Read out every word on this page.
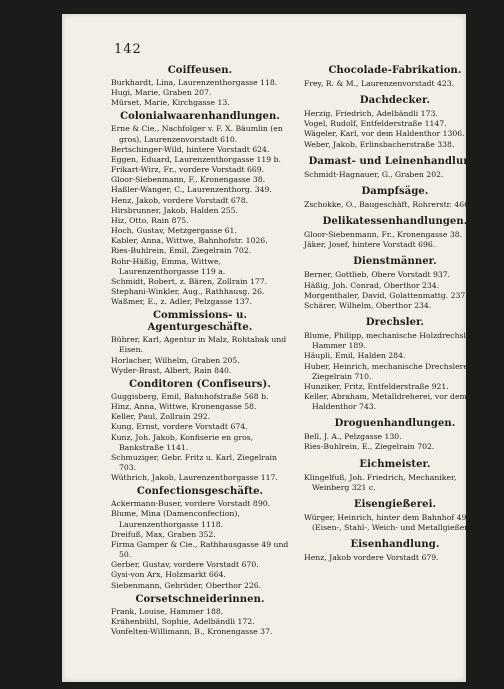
142
Coiffeusen.
Burkhardt, Lina, Laurenzenthorgasse 118.
Hugi, Marie, Graben 207.
Mürset, Marie, Kirchgasse 13.
Colonialwaarenhandlungen.
Erne & Cie., Nachfolger v. F. X. Bäumlin (en gros), Laurenzenvorstadt 610.
Bertschinger-Wild, hintere Vorstadt 624.
Eggen, Eduard, Laurenzenthorgasse 119 b.
Frikart-Wirz, Fr., vordere Vorstadt 669.
Gloor-Siebenmann, F., Kronengasse 38.
Haßler-Wanger, C., Laurenzenthorg. 349.
Henz, Jakob, vordere Vorstadt 678.
Hirsbrunner, Jakob, Halden 255.
Hiz, Otto, Rain 875.
Hoch, Gustav, Metzgergasse 61.
Kabler, Anna, Wittwe, Bahnhofstr. 1026.
Ries-Buhlrein, Emil, Ziegelrain 702.
Rohr-Häßig, Emma, Wittwe, Laurenzenthorgasse 119 a.
Schmidt, Robert, z. Bären, Zollrain 177.
Stephani-Winkler, Aug., Rathhausg. 26.
Waßmer, E., z. Adler, Pelzgasse 137.
Commissions- u. Agenturgeschäfte.
Bührer, Karl, Agentur in Malz, Rohtabak und Eisen.
Horlacher, Wilhelm, Graben 205.
Wyder-Brast, Albert, Rain 840.
Conditoren (Confiseurs).
Guggisberg, Emil, Bahnhofstraße 568 b.
Hinz, Anna, Wittwe, Kronengasse 58.
Keller, Paul, Zollrain 292.
Kung, Ernst, vordere Vorstadt 674.
Kunz, Joh. Jakob, Konfiserie en gros, Bankstraße 1141.
Schmuziger, Gebr. Fritz u. Karl, Ziegelrain 703.
Wüthrich, Jakob, Laurenzenthorgasse 117.
Confectionsgeschäfte.
Ackermann-Buser, vordere Vorstadt 890.
Blume, Mina (Damenconfection), Laurenzenthorgasse 1118.
Dreifuß, Max, Graben 352.
Firma Gamper & Cie., Rathhausgasse 49 und 50.
Gerber, Gustav, vordere Vorstadt 670.
Gysi-von Arx, Holzmarkt 664.
Siebenmann, Gebrüder, Oberthor 226.
Corsetschneiderinnen.
Frank, Louise, Hammer 188.
Krähenbühl, Sophie, Adelbändli 172.
Vonfelten-Willimann, B., Kronengasse 37.
Chocolade-Fabrikation.
Frey, R. & M., Laurenzenvorstadt 423.
Dachdecker.
Herzig, Friedrich, Adelbändli 173.
Vogel, Rudolf, Entfelderstraße 1147.
Wägeler, Karl, vor dem Haldenthor 1306.
Weber, Jakob, Erlinsbacherstraße 338.
Damast- und Leinenhandlung.
Schmidt-Hagnauer, G., Graben 202.
Dampfsäge.
Zschokke, O., Baugeschäft, Rohrerstr. 466.
Delikatessenhandlungen.
Gloor-Siebenmann, Fr., Kronengasse 38.
Jäker, Josef, hintere Vorstadt 696.
Dienstmänner.
Berner, Gottlieb, Obere Vorstadt 937.
Häßig, Joh. Conrad, Oberthor 234.
Morgenthaler, David, Golattenmattg. 237.
Schärer, Wilhelm, Oberthor 234.
Drechsler.
Blume, Philipp, mechanische Holzdrechslerei, Hammer 189.
Häupli, Emil, Halden 284.
Huber, Heinrich, mechanische Drechslerei, Ziegelrain 710.
Hunziker, Fritz, Entfelderstraße 921.
Keller, Abraham, Metalldreherei, vor dem Haldenthor 743.
Droguenhandlungen.
Bell, J. A., Pelzgasse 130.
Ries-Buhlrein, E., Ziegelrain 702.
Eichmeister.
Klingelfuß, Joh. Friedrich, Mechaniker, Weinberg 321 c.
Eisengießerei.
Würger, Heinrich, hinter dem Bahnhof 498 (Eisen-, Stahl-, Weich- und Metallgießerei).
Eisenhandlung.
Henz, Jakob vordere Vorstadt 679.
